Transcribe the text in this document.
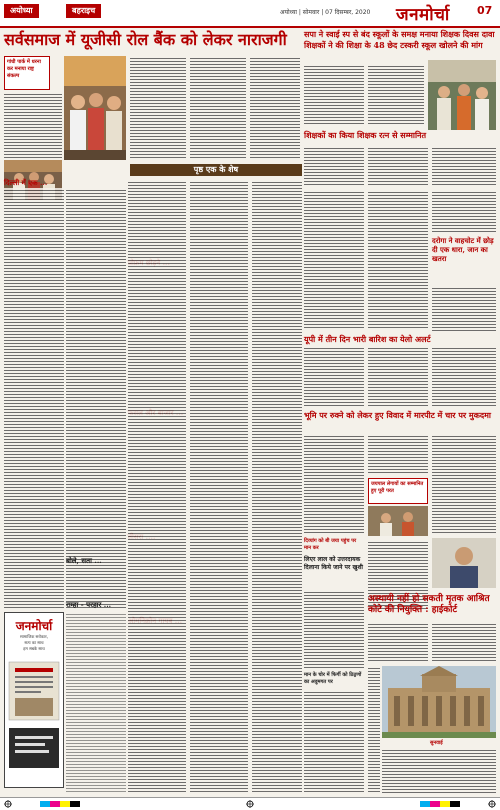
अयोध्या	बहराइच	अयोध्या | सोमवार | 07 दिसम्बर, 2020 जनमोर्चा 07
सर्वसमाज में यूजीसी रोल बैंक को लेकर नाराजगी	सपा ने स्वाई स्प से बंद स्कूलों के समक्ष मनाया शिक्षक दिवस दावा शिक्षकों ने की शिक्षा के 48 छेद टस्करी स्कूल खोलने की मांग
गांधी पार्क में धरना कर मनाया राष्ट्र संकल्प
शिक्षकों का किया शिक्षक रत्न से सम्मानित
पृष्ठ एक के शेष
दिल्ली में एक ...
बोले, सता ...
राम्हा - परहार ...
दरोगा ने वाहचोट में छोड़ दी एक धारा, जान का खतरा
यूपी में तीन दिन भारी बारिश का येलो अलर्ट
भूमि पर रुक्ने को लेकर हुए विवाद में मारपीट में चार पर मुकदमा
जयपाल लेगायों का सम्मानित हुए पूरी परत
दिव्यांग को बी जया पहुंच पर मान कर
लिएर लाल को उत्तरदायक दिलाना किये जाने पर खुशी
मान के चोर में फिर्गी को ठिठ्रणों का अवुमगत पर
अस्थायी नहीं हो सकती मृतक आश्रित कोटे की नियुक्ति : हाईकोर्ट
सुनवाई
जनमोर्चा
सामाजिक सरोकार,
सत्य का साथ
हम सबके साथ
